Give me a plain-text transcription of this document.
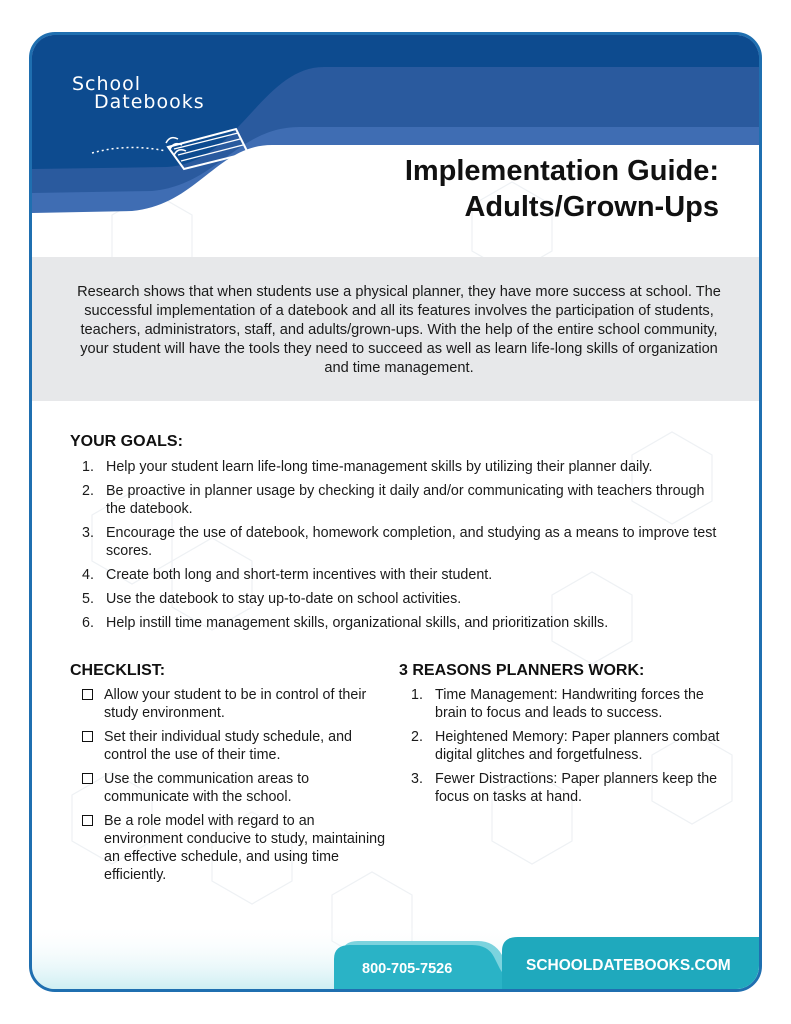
School
Datebooks
Implementation Guide:
Adults/Grown-Ups
Research shows that when students use a physical planner, they have more success at school. The successful implementation of a datebook and all its features involves the participation of students, teachers, administrators, staff, and adults/grown-ups. With the help of the entire school community, your student will have the tools they need to succeed as well as learn life-long skills of organization and time management.
YOUR GOALS:
1. Help your student learn life-long time-management skills by utilizing their planner daily.
2. Be proactive in planner usage by checking it daily and/or communicating with teachers through the datebook.
3. Encourage the use of datebook, homework completion, and studying as a means to improve test scores.
4. Create both long and short-term incentives with their student.
5. Use the datebook to stay up-to-date on school activities.
6. Help instill time management skills, organizational skills, and prioritization skills.
CHECKLIST:
Allow your student to be in control of their study environment.
Set their individual study schedule, and control the use of their time.
Use the communication areas to communicate with the school.
Be a role model with regard to an environment conducive to study, maintaining an effective schedule, and using time efficiently.
3 REASONS PLANNERS WORK:
1. Time Management: Handwriting forces the brain to focus and leads to success.
2. Heightened Memory: Paper planners combat digital glitches and forgetfulness.
3. Fewer Distractions: Paper planners keep the focus on tasks at hand.
800-705-7526	SCHOOLDATEBOOKS.COM
